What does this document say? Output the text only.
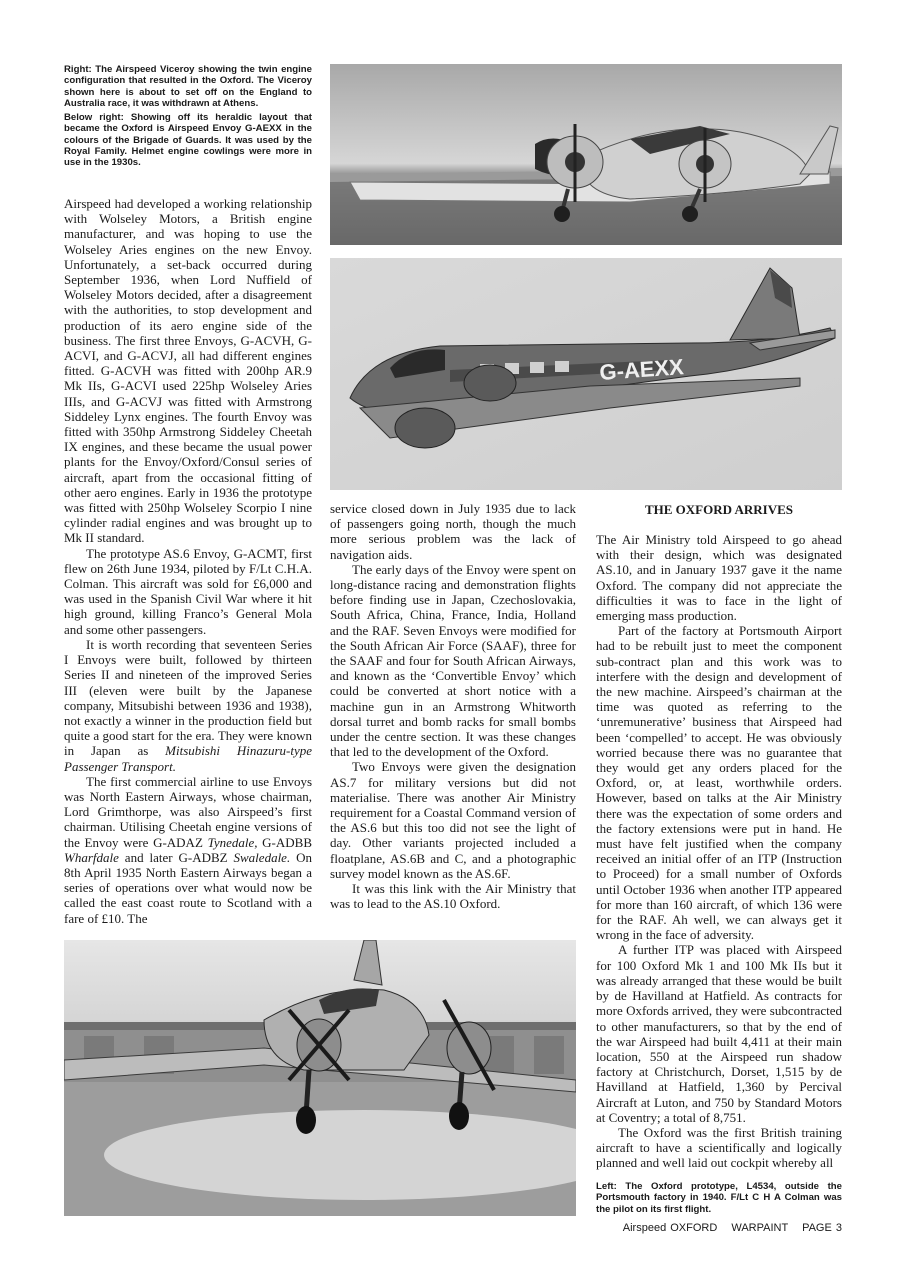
Right: The Airspeed Viceroy showing the twin engine configuration that resulted in the Oxford. The Viceroy shown here is about to set off on the England to Australia race, it was withdrawn at Athens.

Below right: Showing off its heraldic layout that became the Oxford is Airspeed Envoy G-AEXX in the colours of the Brigade of Guards. It was used by the Royal Family. Helmet engine cowlings were more in use in the 1930s.

G-AEXX

Airspeed had developed a working relationship with Wolseley Motors, a British engine manufacturer, and was hoping to use the Wolseley Aries engines on the new Envoy. Unfortunately, a set-back occurred during September 1936, when Lord Nuffield of Wolseley Motors decided, after a disagreement with the authorities, to stop development and production of its aero engine side of the business. The first three Envoys, G-ACVH, G-ACVI, and G-ACVJ, all had different engines fitted. G-ACVH was fitted with 200hp AR.9 Mk IIs, G-ACVI used 225hp Wolseley Aries IIIs, and G-ACVJ was fitted with Armstrong Siddeley Lynx engines. The fourth Envoy was fitted with 350hp Armstrong Siddeley Cheetah IX engines, and these became the usual power plants for the Envoy/Oxford/Consul series of aircraft, apart from the occasional fitting of other aero engines. Early in 1936 the prototype was fitted with 250hp Wolseley Scorpio I nine cylinder radial engines and was brought up to Mk II standard.

The prototype AS.6 Envoy, G-ACMT, first flew on 26th June 1934, piloted by F/Lt C.H.A. Colman. This aircraft was sold for £6,000 and was used in the Spanish Civil War where it hit high ground, killing Franco’s General Mola and some other passengers.

It is worth recording that seventeen Series I Envoys were built, followed by thirteen Series II and nineteen of the improved Series III (eleven were built by the Japanese company, Mitsubishi between 1936 and 1938), not exactly a winner in the production field but quite a good start for the era. They were known in Japan as Mitsubishi Hinazuru-type Passenger Transport.

The first commercial airline to use Envoys was North Eastern Airways, whose chairman, Lord Grimthorpe, was also Airspeed’s first chairman. Utilising Cheetah engine versions of the Envoy were G-ADAZ Tynedale, G-ADBB Wharfdale and later G-ADBZ Swaledale. On 8th April 1935 North Eastern Airways began a series of operations over what would now be called the east coast route to Scotland with a fare of £10. The

service closed down in July 1935 due to lack of passengers going north, though the much more serious problem was the lack of navigation aids.

The early days of the Envoy were spent on long-distance racing and demonstration flights before finding use in Japan, Czechoslovakia, South Africa, China, France, India, Holland and the RAF. Seven Envoys were modified for the South African Air Force (SAAF), three for the SAAF and four for South African Airways, and known as the ‘Convertible Envoy’ which could be converted at short notice with a machine gun in an Armstrong Whitworth dorsal turret and bomb racks for small bombs under the centre section. It was these changes that led to the development of the Oxford.

Two Envoys were given the designation AS.7 for military versions but did not materialise. There was another Air Ministry requirement for a Coastal Command version of the AS.6 but this too did not see the light of day. Other variants projected included a floatplane, AS.6B and C, and a photographic survey model known as the AS.6F.

It was this link with the Air Ministry that was to lead to the AS.10 Oxford.

THE OXFORD ARRIVES

The Air Ministry told Airspeed to go ahead with their design, which was designated AS.10, and in January 1937 gave it the name Oxford. The company did not appreciate the difficulties it was to face in the light of emerging mass production.

Part of the factory at Portsmouth Airport had to be rebuilt just to meet the component sub-contract plan and this work was to interfere with the design and development of the new machine. Airspeed’s chairman at the time was quoted as referring to the ‘unremunerative’ business that Airspeed had been ‘compelled’ to accept. He was obviously worried because there was no guarantee that they would get any orders placed for the Oxford, or, at least, worthwhile orders. However, based on talks at the Air Ministry there was the expectation of some orders and the factory extensions were put in hand. He must have felt justified when the company received an initial offer of an ITP (Instruction to Proceed) for a small number of Oxfords until October 1936 when another ITP appeared for more than 160 aircraft, of which 136 were for the RAF. Ah well, we can always get it wrong in the face of adversity.

A further ITP was placed with Airspeed for 100 Oxford Mk 1 and 100 Mk IIs but it was already arranged that these would be built by de Havilland at Hatfield. As contracts for more Oxfords arrived, they were subcontracted to other manufacturers, so that by the end of the war Airspeed had built 4,411 at their main location, 550 at the Airspeed run shadow factory at Christchurch, Dorset, 1,515 by de Havilland at Hatfield, 1,360 by Percival Aircraft at Luton, and 750 by Standard Motors at Coventry; a total of 8,751.

The Oxford was the first British training aircraft to have a scientifically and logically planned and well laid out cockpit whereby all

Left: The Oxford prototype, L4534, outside the Portsmouth factory in 1940. F/Lt C H A Colman was the pilot on its first flight.

Airspeed OXFORD WARPAINT PAGE 3
